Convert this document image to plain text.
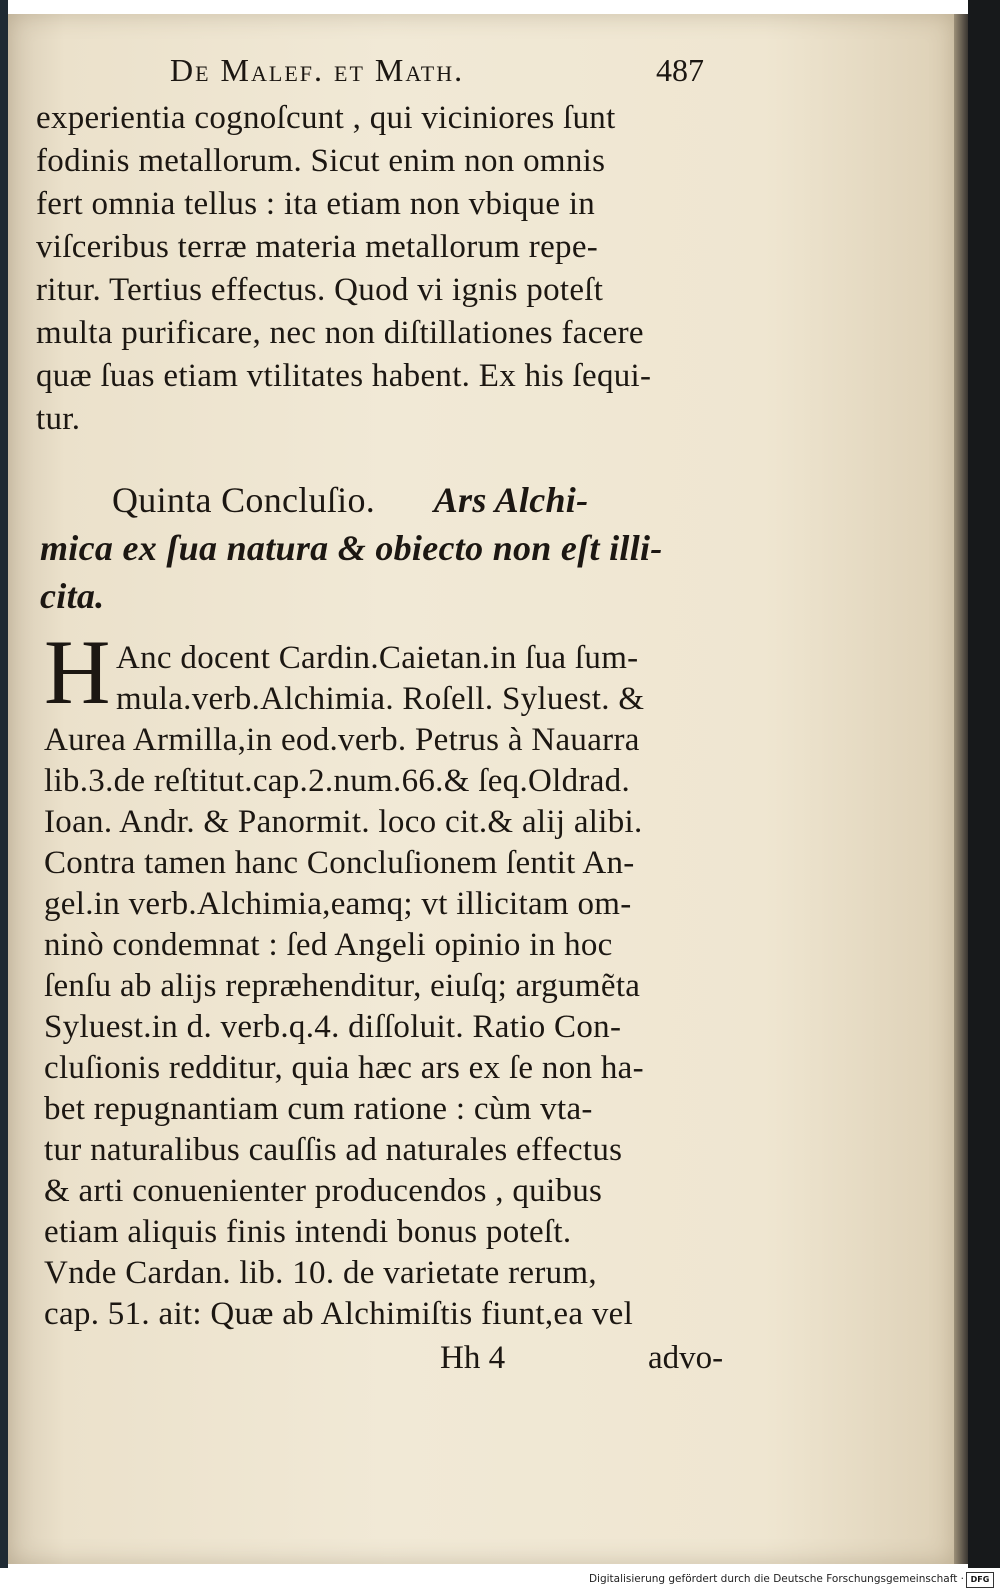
De Malef. et Math.	487
experientia cognoſcunt , qui viciniores ſunt
fodinis metallorum. Sicut enim non omnis
fert omnia tellus : ita etiam non vbique in
viſceribus terræ materia metallorum repe-
ritur. Tertius effectus. Quod vi ignis poteſt
multa purificare, nec non diſtillationes facere
quæ ſuas etiam vtilitates habent. Ex his ſequi-
tur.
Quinta Concluſio. Ars Alchi-
mica ex ſua natura & obiecto non eſt illi-
cita.
H Anc docent Cardin.Caietan.in ſua ſum-
mula.verb.Alchimia. Roſell. Syluest. &
Aurea Armilla,in eod.verb. Petrus à Nauarra
lib.3.de reſtitut.cap.2.num.66.& ſeq.Oldrad.
Ioan. Andr. & Panormit. loco cit.& alij alibi.
Contra tamen hanc Concluſionem ſentit An-
gel.in verb.Alchimia,eamq; vt illicitam om-
ninò condemnat : ſed Angeli opinio in hoc
ſenſu ab alijs repræhenditur, eiuſq; argumẽta
Syluest.in d. verb.q.4. diſſoluit. Ratio Con-
cluſionis redditur, quia hæc ars ex ſe non ha-
bet repugnantiam cum ratione : cùm vta-
tur naturalibus cauſſis ad naturales effectus
& arti conuenienter producendos , quibus
etiam aliquis finis intendi bonus poteſt.
Vnde Cardan. lib. 10. de varietate rerum,
cap. 51. ait: Quæ ab Alchimiſtis fiunt,ea vel
Hh 4	advo-
Digitalisierung gefördert durch die Deutsche Forschungsgemeinschaft · DFG
